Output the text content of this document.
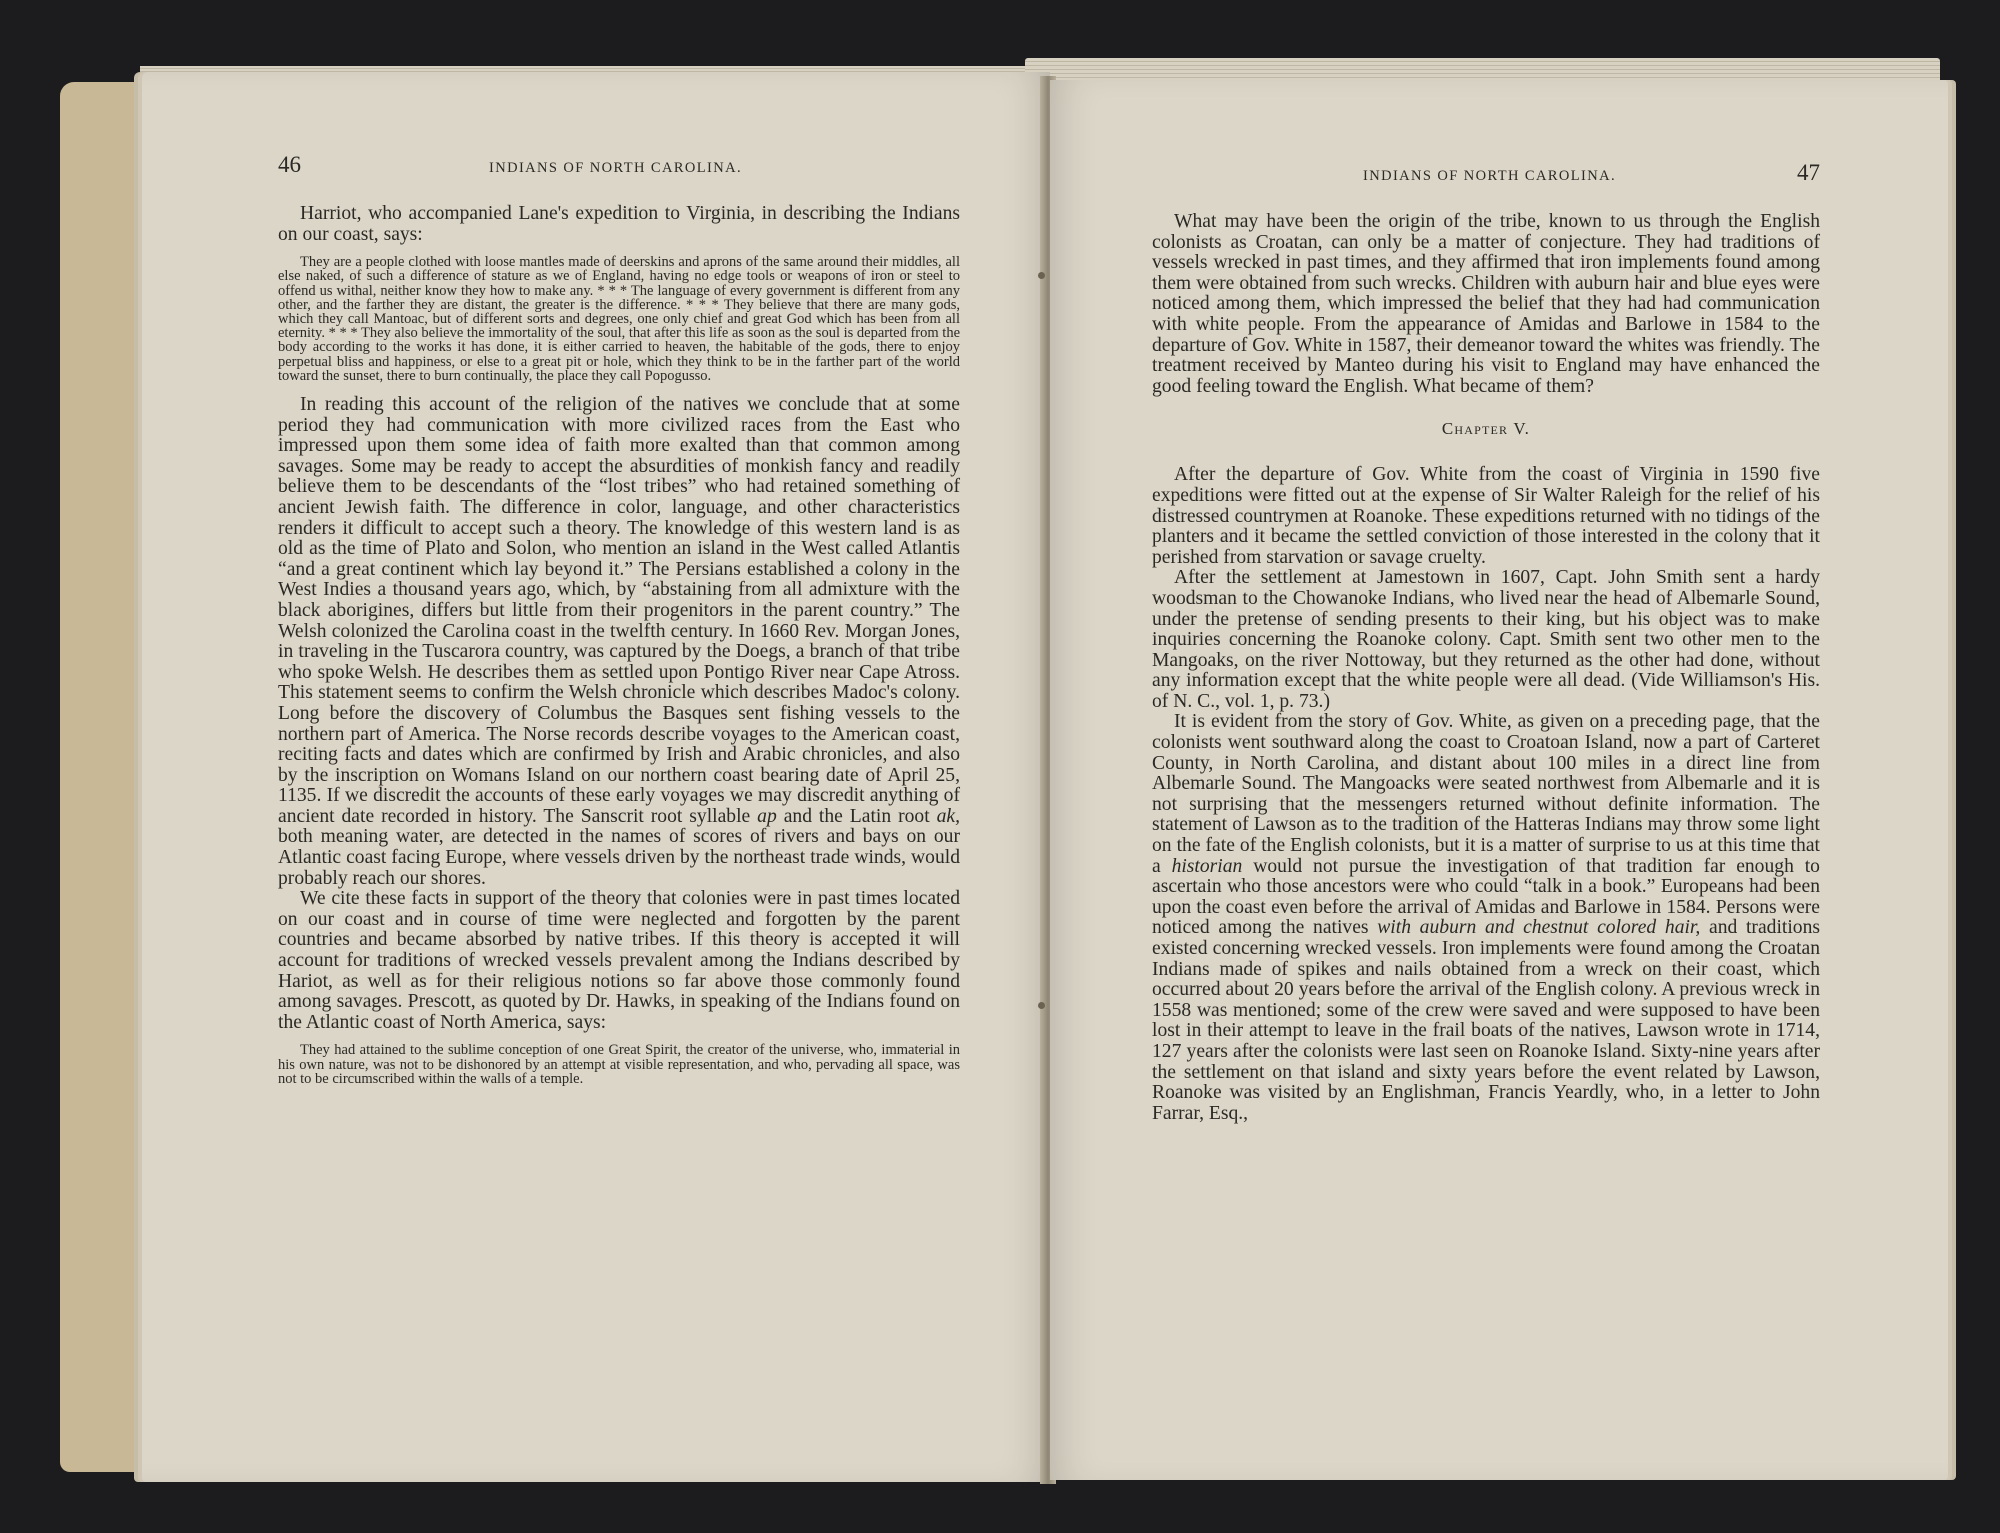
46	INDIANS OF NORTH CAROLINA.

Harriot, who accompanied Lane's expedition to Virginia, in describing the Indians on our coast, says:

They are a people clothed with loose mantles made of deerskins and aprons of the same around their middles, all else naked, of such a difference of stature as we of England, having no edge tools or weapons of iron or steel to offend us withal, neither know they how to make any. * * * The language of every government is different from any other, and the farther they are distant, the greater is the difference. * * * They believe that there are many gods, which they call Mantoac, but of different sorts and degrees, one only chief and great God which has been from all eternity. * * * They also believe the immortality of the soul, that after this life as soon as the soul is departed from the body according to the works it has done, it is either carried to heaven, the habitable of the gods, there to enjoy perpetual bliss and happiness, or else to a great pit or hole, which they think to be in the farther part of the world toward the sunset, there to burn continually, the place they call Popogusso.

In reading this account of the religion of the natives we conclude that at some period they had communication with more civilized races from the East who impressed upon them some idea of faith more exalted than that common among savages. Some may be ready to accept the absurdities of monkish fancy and readily believe them to be descendants of the “lost tribes” who had retained something of ancient Jewish faith. The difference in color, language, and other characteristics renders it difficult to accept such a theory. The knowledge of this western land is as old as the time of Plato and Solon, who mention an island in the West called Atlantis “and a great continent which lay beyond it.” The Persians established a colony in the West Indies a thousand years ago, which, by “abstaining from all admixture with the black aborigines, differs but little from their progenitors in the parent country.” The Welsh colonized the Carolina coast in the twelfth century. In 1660 Rev. Morgan Jones, in traveling in the Tuscarora country, was captured by the Doegs, a branch of that tribe who spoke Welsh. He describes them as settled upon Pontigo River near Cape Atross. This statement seems to confirm the Welsh chronicle which describes Madoc's colony. Long before the discovery of Columbus the Basques sent fishing vessels to the northern part of America. The Norse records describe voyages to the American coast, reciting facts and dates which are confirmed by Irish and Arabic chronicles, and also by the inscription on Womans Island on our northern coast bearing date of April 25, 1135. If we discredit the accounts of these early voyages we may discredit anything of ancient date recorded in history. The Sanscrit root syllable ap and the Latin root ak, both meaning water, are detected in the names of scores of rivers and bays on our Atlantic coast facing Europe, where vessels driven by the northeast trade winds, would probably reach our shores.

We cite these facts in support of the theory that colonies were in past times located on our coast and in course of time were neglected and forgotten by the parent countries and became absorbed by native tribes. If this theory is accepted it will account for traditions of wrecked vessels prevalent among the Indians described by Hariot, as well as for their religious notions so far above those commonly found among savages. Prescott, as quoted by Dr. Hawks, in speaking of the Indians found on the Atlantic coast of North America, says:

They had attained to the sublime conception of one Great Spirit, the creator of the universe, who, immaterial in his own nature, was not to be dishonored by an attempt at visible representation, and who, pervading all space, was not to be circumscribed within the walls of a temple.

INDIANS OF NORTH CAROLINA.	47

What may have been the origin of the tribe, known to us through the English colonists as Croatan, can only be a matter of conjecture. They had traditions of vessels wrecked in past times, and they affirmed that iron implements found among them were obtained from such wrecks. Children with auburn hair and blue eyes were noticed among them, which impressed the belief that they had had communication with white people. From the appearance of Amidas and Barlowe in 1584 to the departure of Gov. White in 1587, their demeanor toward the whites was friendly. The treatment received by Manteo during his visit to England may have enhanced the good feeling toward the English. What became of them?

Chapter V.

After the departure of Gov. White from the coast of Virginia in 1590 five expeditions were fitted out at the expense of Sir Walter Raleigh for the relief of his distressed countrymen at Roanoke. These expeditions returned with no tidings of the planters and it became the settled conviction of those interested in the colony that it perished from starvation or savage cruelty.

After the settlement at Jamestown in 1607, Capt. John Smith sent a hardy woodsman to the Chowanoke Indians, who lived near the head of Albemarle Sound, under the pretense of sending presents to their king, but his object was to make inquiries concerning the Roanoke colony. Capt. Smith sent two other men to the Mangoaks, on the river Nottoway, but they returned as the other had done, without any information except that the white people were all dead. (Vide Williamson's His. of N. C., vol. 1, p. 73.)

It is evident from the story of Gov. White, as given on a preceding page, that the colonists went southward along the coast to Croatoan Island, now a part of Carteret County, in North Carolina, and distant about 100 miles in a direct line from Albemarle Sound. The Mangoacks were seated northwest from Albemarle and it is not surprising that the messengers returned without definite information. The statement of Lawson as to the tradition of the Hatteras Indians may throw some light on the fate of the English colonists, but it is a matter of surprise to us at this time that a historian would not pursue the investigation of that tradition far enough to ascertain who those ancestors were who could “talk in a book.” Europeans had been upon the coast even before the arrival of Amidas and Barlowe in 1584. Persons were noticed among the natives with auburn and chestnut colored hair, and traditions existed concerning wrecked vessels. Iron implements were found among the Croatan Indians made of spikes and nails obtained from a wreck on their coast, which occurred about 20 years before the arrival of the English colony. A previous wreck in 1558 was mentioned; some of the crew were saved and were supposed to have been lost in their attempt to leave in the frail boats of the natives, Lawson wrote in 1714, 127 years after the colonists were last seen on Roanoke Island. Sixty-nine years after the settlement on that island and sixty years before the event related by Lawson, Roanoke was visited by an Englishman, Francis Yeardly, who, in a letter to John Farrar, Esq.,
